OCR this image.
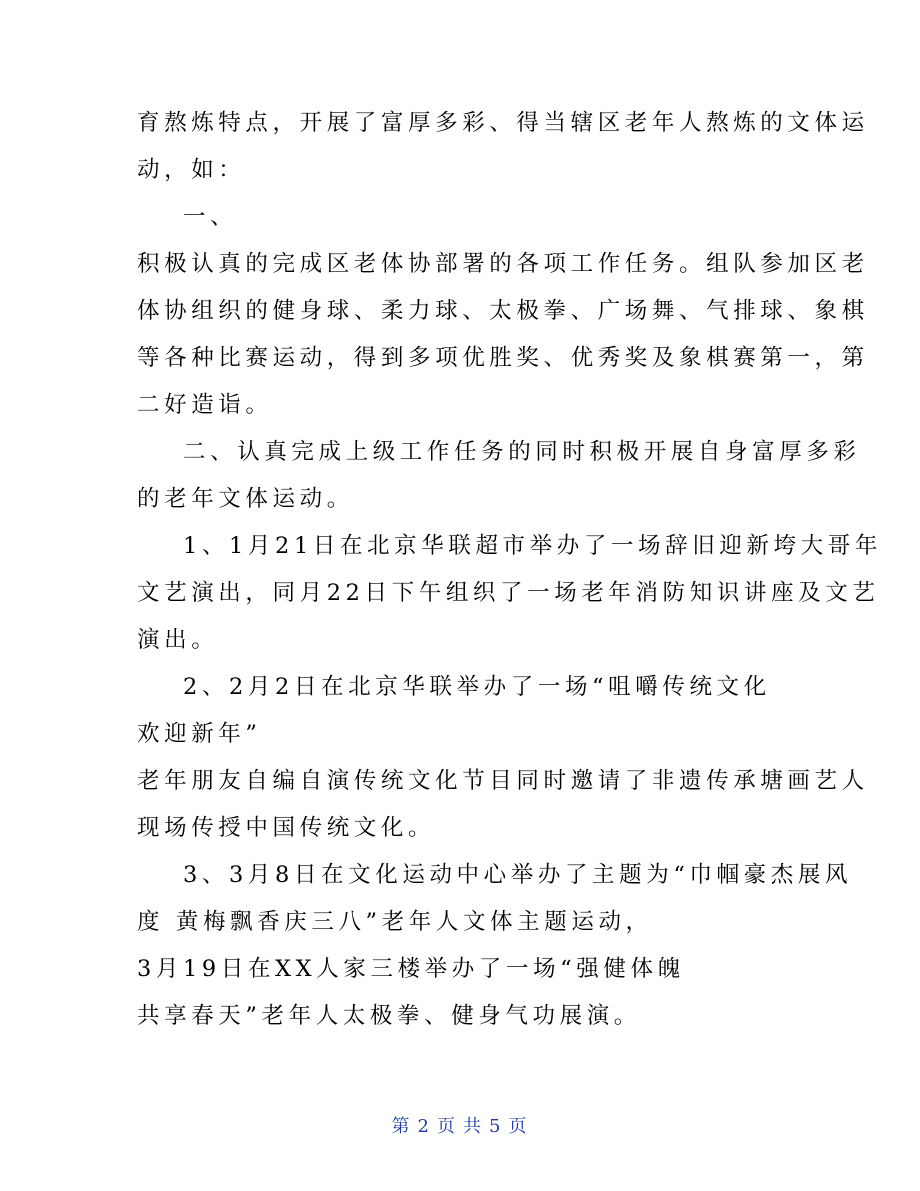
育熬炼特点，开展了富厚多彩、得当辖区老年人熬炼的文体运
动，如：
一、
积极认真的完成区老体协部署的各项工作任务。组队参加区老
体协组织的健身球、柔力球、太极拳、广场舞、气排球、象棋
等各种比赛运动，得到多项优胜奖、优秀奖及象棋赛第一，第
二好造诣。
二、认真完成上级工作任务的同时积极开展自身富厚多彩
的老年文体运动。
1、1月21日在北京华联超市举办了一场辞旧迎新垮大哥年
文艺演出，同月22日下午组织了一场老年消防知识讲座及文艺
演出。
2、2月2日在北京华联举办了一场“咀嚼传统文化
欢迎新年”
老年朋友自编自演传统文化节目同时邀请了非遗传承塘画艺人
现场传授中国传统文化。
3、3月8日在文化运动中心举办了主题为“巾帼豪杰展风
度 黄梅飘香庆三八”老年人文体主题运动，
3月19日在XX人家三楼举办了一场“强健体魄
共享春天”老年人太极拳、健身气功展演。
第 2 页 共 5 页
